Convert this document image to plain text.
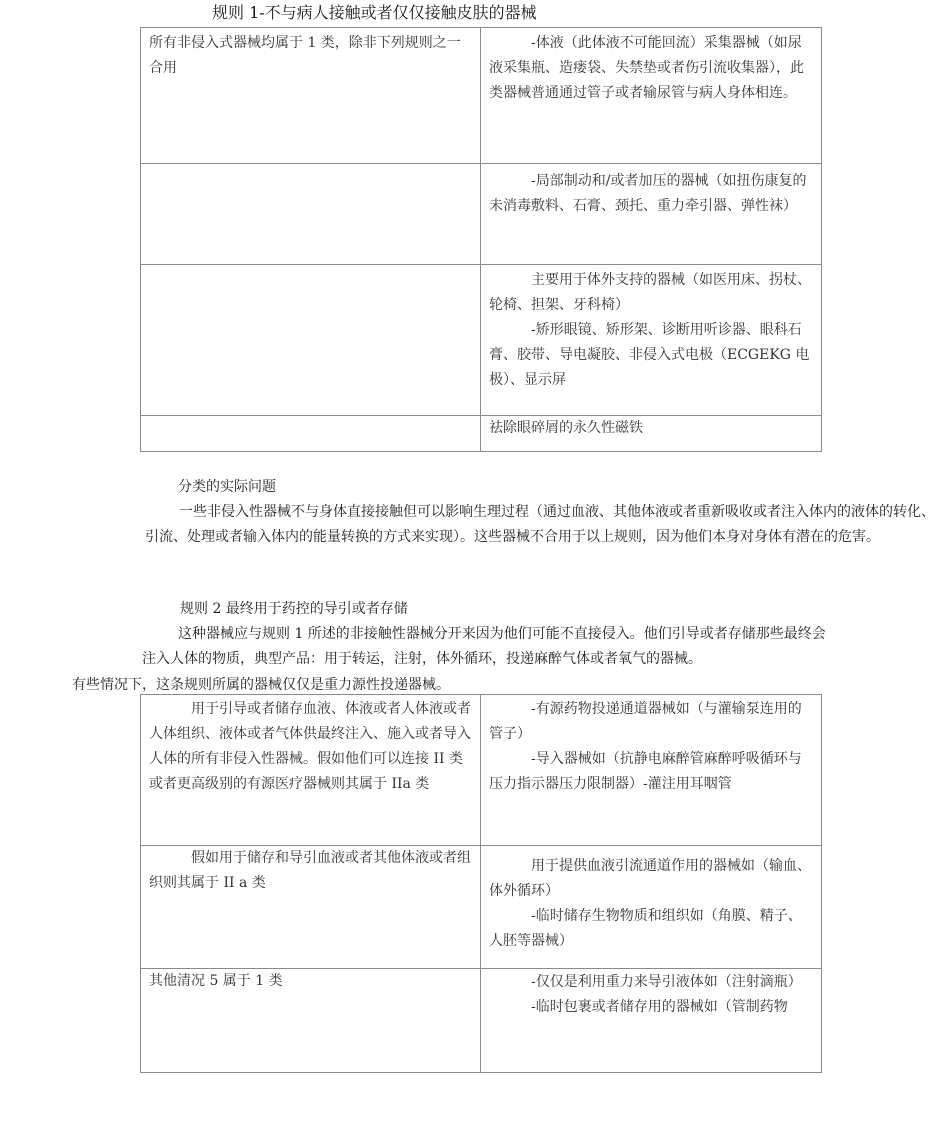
规则 1-不与病人接触或者仅仅接触皮肤的器械
所有非侵入式器械均属于 1 类，除非下列规则之一合用	-体液（此体液不可能回流）采集器械（如尿液采集瓶、造瘘袋、失禁垫或者伤引流收集器），此类器械普通通过管子或者输尿管与病人身体相连。

	-局部制动和/或者加压的器械（如扭伤康复的未消毒敷料、石膏、颈托、重力牵引器、弹性袜）

	主要用于体外支持的器械（如医用床、拐杖、轮椅、担架、牙科椅）
-矫形眼镜、矫形架、诊断用听诊器、眼科石膏、胶带、导电凝胶、非侵入式电极（ECGEKG 电极）、显示屏

	祛除眼碎屑的永久性磁铁
分类的实际问题
一些非侵入性器械不与身体直接接触但可以影响生理过程（通过血液、其他体液或者重新吸收或者注入体内的液体的转化、引流、处理或者输入体内的能量转换的方式来实现）。这些器械不合用于以上规则，因为他们本身对身体有潜在的危害。
规则 2 最终用于药控的导引或者存储
这种器械应与规则 1 所述的非接触性器械分开来因为他们可能不直接侵入。他们引导或者存储那些最终会
注入人体的物质，典型产品：用于转运，注射，体外循环，投递麻醉气体或者氧气的器械。
有些情况下，这条规则所属的器械仅仅是重力源性投递器械。
用于引导或者储存血液、体液或者人体液或者人体组织、液体或者气体供最终注入、施入或者导入人体的所有非侵入性器械。假如他们可以连接 II 类或者更高级别的有源医疗器械则其属于 IIa 类	-有源药物投递通道器械如（与灌输泵连用的管子）
-导入器械如（抗静电麻醉管麻醉呼吸循环与压力指示器压力限制器）-灌注用耳咽管

假如用于储存和导引血液或者其他体液或者组织则其属于 II a 类	用于提供血液引流通道作用的器械如（输血、体外循环）
-临时储存生物物质和组织如（角膜、精子、人胚等器械）

其他清况 5 属于 1 类	-仅仅是利用重力来导引液体如（注射滴瓶）
-临时包裹或者储存用的器械如（管制药物
